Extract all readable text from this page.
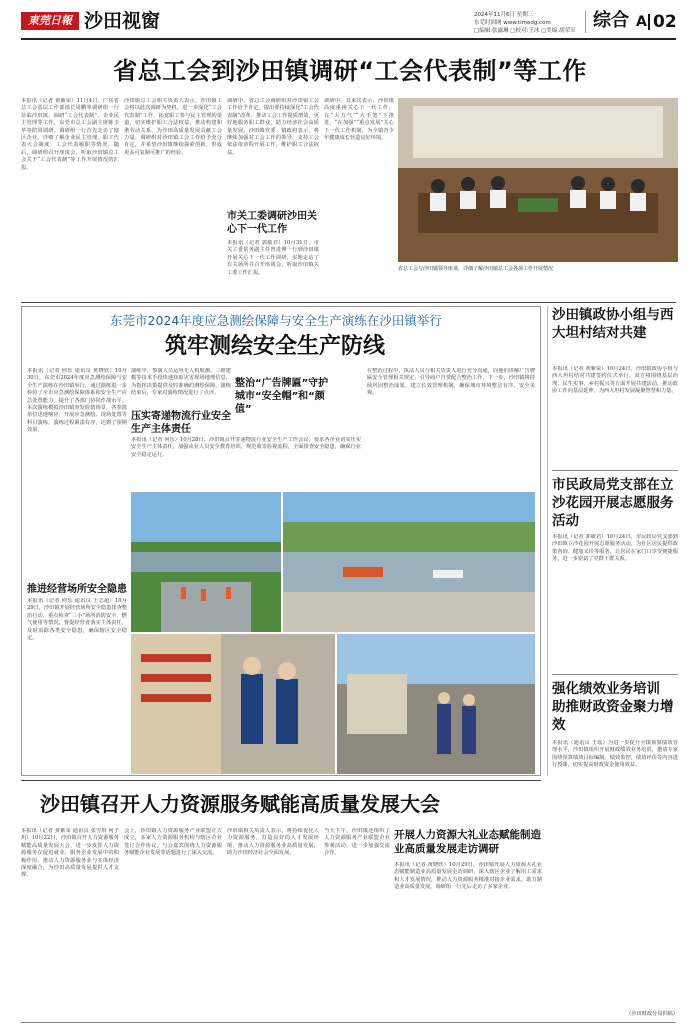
東莞日報 沙田视窗	2024年11月6日 星期三
东莞时间网 www.timedg.com
□编辑:张露琳 □校对:王冰 □美编:胡荣军 综合 A 02
省总工会到沙田镇调研“工会代表制”等工作
本报讯（记者 黄紫荣）11月4日，广东省总工会基层工作部部长周鹏率调研组一行莅临沙田镇，调研“工会代表制”、企业民主管理等工作，东莞市总工会副主席陈少华等陪同调研。调研组一行首先走访了辖区企业，详细了解企业民主管理、职工代表大会制度、工会代表履职等情况。随后，调研组召开座谈会，听取沙田镇总工会关于“工会代表制”等工作开展情况的汇报。
沙田镇总工会相关负责人表示，沙田镇工会将以此次调研为契机，进一步深化“工会代表制”工作，拓宽职工参与民主管理的渠道，切实维护职工合法权益，推动构建和谐劳动关系，为沙田高质量发展贡献工会力量。调研组对沙田镇工会工作给予充分肯定，并希望沙田镇继续探索创新，形成更多可复制可推广的经验。
调研中，省总工会调研组对沙田镇工会工作给予肯定，提出要持续深化“工会代表制”改革，推动工会工作提质增效，更好地服务职工群众，助力经济社会高质量发展。沙田镇党委、镇政府表示，将继续加强对工会工作的领导，支持工会依法依章程开展工作，维护职工合法权益。
市关工委调研沙田关心下一代工作
本报讯（记者 郭敏君）10月31日，市关工委常务副主任曾进博一行到沙田镇开展关心下一代工作调研，实地走访了有关场所并召开座谈会，听取沙田镇关工委工作汇报。
调研中，其来宾表示，沙田镇高度重视关心下一代工作，在“大力气”“大手笔”下推进，“在加强”“重点发展”关心下一代工作机制，为全镇青少年健康成长营造良好环境。
省总工会与沙田镇领导座谈，详细了解沙田镇总工会各项工作开展情况
东莞市2024年度应急测绘保障与安全生产演练在沙田镇举行
筑牢测绘安全生产防线
本报讯（记者 何乐 通讯员 黄晓欣）10月30日，东莞市2024年度应急测绘保障与安全生产演练在沙田镇举行，通过演练进一步检验了全市应急测绘保障体系和安全生产应急处置能力，提升了各部门协同作战水平。本次演练模拟沙田镇突发险情场景，各参演单位迅速响应，开展应急测绘、现场处置等科目演练。演练过程紧凑有序，达到了预期效果。
推进经营场所安全隐患
本报讯（记者 何乐 通讯员 王志超）10月29日，沙田镇开展经营场所安全隐患排查整治行动，重点检查“三小”场所消防安全、燃气使用等情况，督促经营者落实主体责任，及时消除各类安全隐患，确保辖区安全稳定。
演练中，参演人员运用无人机航测、三维建模等技术手段快速获取灾害现场地理信息，为指挥决策提供及时准确的测绘保障。演练结束后，专家对演练情况进行了点评。
压实寄递物流行业安全生产主体责任
本报讯（记者 何乐）10月28日，沙田镇召开寄递物流行业安全生产工作会议，要求各企业切实压实安全生产主体责任，加强从业人员安全教育培训，规范收寄验视流程，全面排查安全隐患，确保行业安全稳定运行。
整治“广告牌匾”守护城市“安全帽”和“颜值”
在整治过程中，执法人员与相关负责人进行充分沟通，向他们讲解广告牌匾安全管理相关规定，引导商户自觉配合整治工作。下一步，沙田镇将持续巩固整治成果，建立长效管理机制，确保城市环境整洁有序、安全美观。
沙田镇政协小组与西大坦村结对共建
本报讯（记者 黄紫荣）10月24日，沙田镇政协小组与西大坦村结对共建签约仪式举行。双方将围绕基层治理、民生实事、乡村振兴等方面开展共建活动，推动政协工作向基层延伸，为西大坦村发展凝聚智慧和力量。
市民政局党支部在立沙花园开展志愿服务活动
本报讯（记者 郭敏君）10月24日，市民政局党支部到沙田镇立沙花园开展志愿服务活动，为社区居民提供政策咨询、健康义诊等服务，让居民在家门口享受便捷服务，进一步密切了党群干群关系。
强化绩效业务培训 助推财政资金聚力增效
本报讯（通讯员 王瑶）为进一步提升全镇预算绩效管理水平，沙田镇组织开展财政绩效业务培训，邀请专家围绕预算绩效目标编制、绩效监控、绩效评价等内容进行授课，切实提高财政资金使用效益。
（沙田财政分局供稿）
沙田镇召开人力资源服务赋能高质量发展大会
本报讯（记者 黄紫荣 通讯员 张雪琪 何子玥）10月22日，沙田镇召开人力资源服务赋能高质量发展大会，进一步发挥人力资源服务在促进就业、服务企业发展中的积极作用，推动人力资源服务业与实体经济深度融合，为沙田高质量发展提供人才支撑。
会上，沙田镇人力资源服务产业联盟正式成立，多家人力资源服务机构与辖区企业签订合作协议。与会嘉宾围绕人力资源服务赋能企业发展等话题进行了深入交流。
沙田镇相关负责人表示，将持续优化人力资源服务，打造良好的人才发展环境，推动人力资源服务业高质量发展，助力沙田经济社会全面发展。
当天下午，沙田镇还组织了人力资源服务产业联盟企业参观活动，进一步加强交流合作。
开展人力资源大礼业态赋能制造业高质量发展走访调研
本报讯（记者 黄晓欣）10月29日，沙田镇开展人力资源大礼业态赋能制造业高质量发展走访调研，深入辖区企业了解用工需求和人才发展情况，推动人力资源服务精准对接企业需求，助力制造业高质量发展。调研组一行先后走访了多家企业。
